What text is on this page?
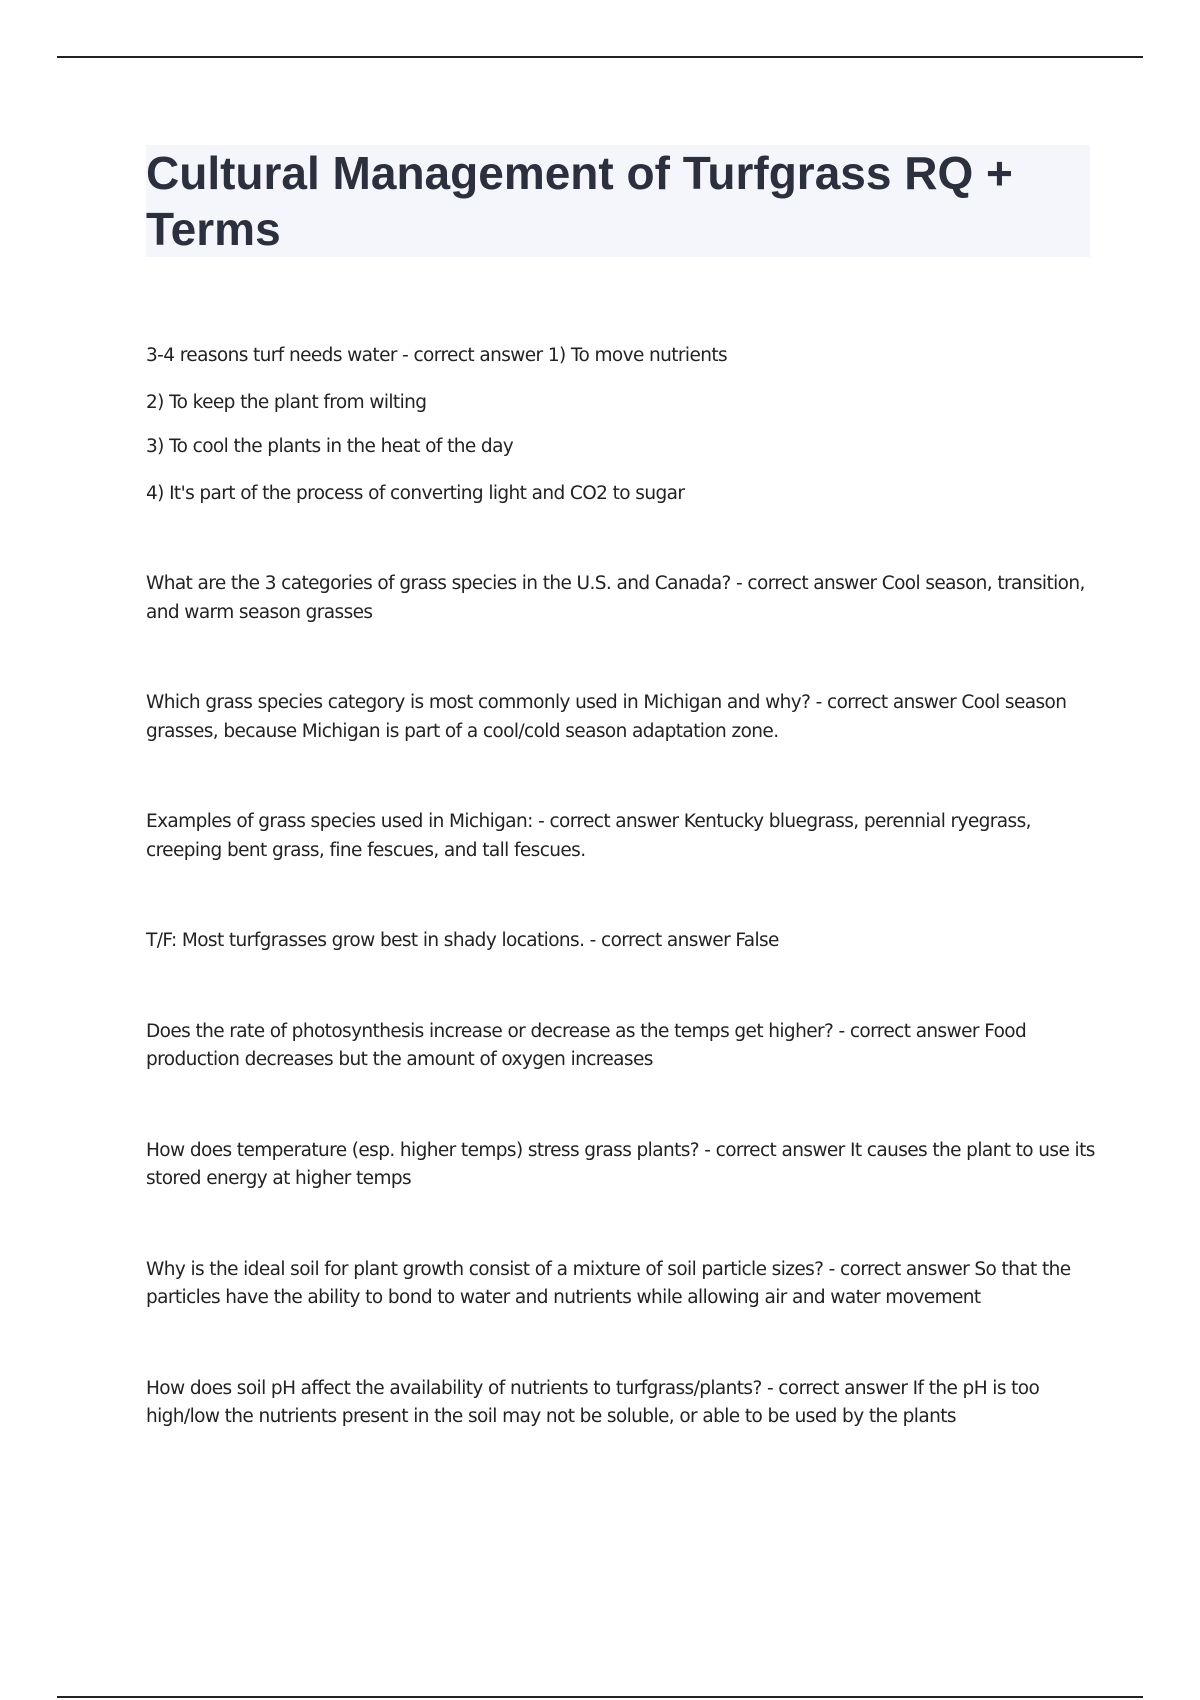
Cultural Management of Turfgrass RQ + Terms

3-4 reasons turf needs water - correct answer 1) To move nutrients

2) To keep the plant from wilting

3) To cool the plants in the heat of the day

4) It's part of the process of converting light and CO2 to sugar

What are the 3 categories of grass species in the U.S. and Canada? - correct answer Cool season, transition, and warm season grasses

Which grass species category is most commonly used in Michigan and why? - correct answer Cool season grasses, because Michigan is part of a cool/cold season adaptation zone.

Examples of grass species used in Michigan: - correct answer Kentucky bluegrass, perennial ryegrass, creeping bent grass, fine fescues, and tall fescues.

T/F: Most turfgrasses grow best in shady locations. - correct answer False

Does the rate of photosynthesis increase or decrease as the temps get higher? - correct answer Food production decreases but the amount of oxygen increases

How does temperature (esp. higher temps) stress grass plants? - correct answer It causes the plant to use its stored energy at higher temps

Why is the ideal soil for plant growth consist of a mixture of soil particle sizes? - correct answer So that the particles have the ability to bond to water and nutrients while allowing air and water movement

How does soil pH affect the availability of nutrients to turfgrass/plants? - correct answer If the pH is too high/low the nutrients present in the soil may not be soluble, or able to be used by the plants
